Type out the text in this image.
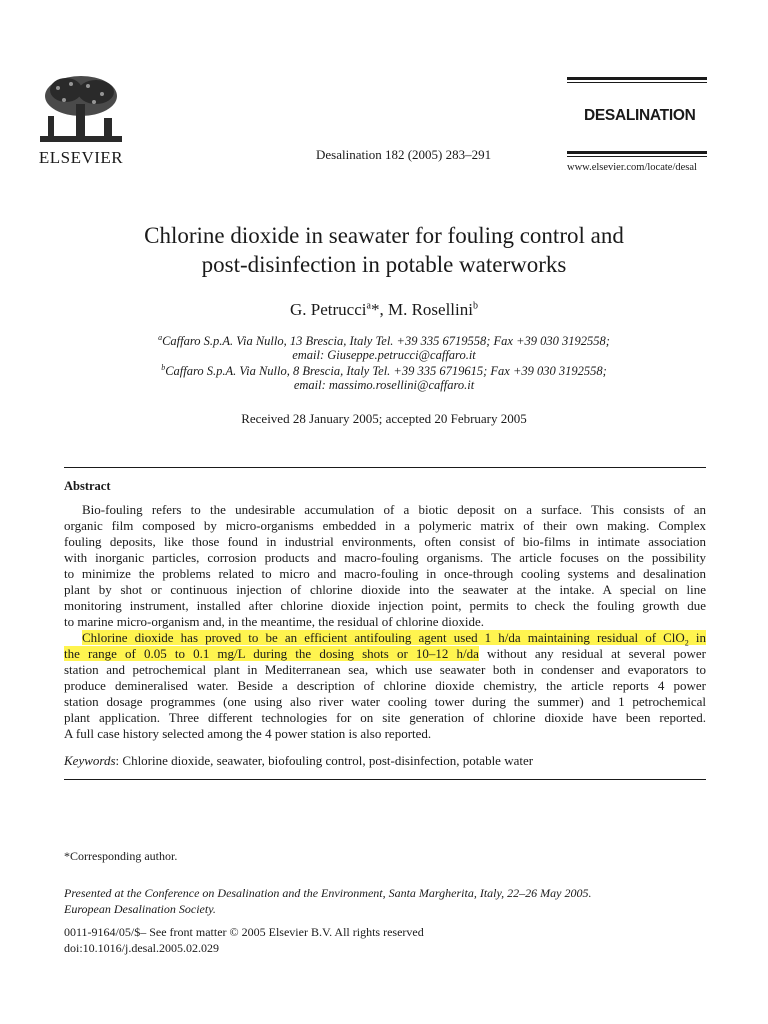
ELSEVIER	Desalination 182 (2005) 283–291
DESALINATION
www.elsevier.com/locate/desal
Chlorine dioxide in seawater for fouling control and
post-disinfection in potable waterworks
G. Petrucci$^a$*, M. Rosellini$^b$
$^a$Caffaro S.p.A. Via Nullo, 13 Brescia, Italy Tel. +39 335 6719558; Fax +39 030 3192558;
email: Giuseppe.petrucci@caffaro.it
$^b$Caffaro S.p.A. Via Nullo, 8 Brescia, Italy Tel. +39 335 6719615; Fax +39 030 3192558;
email: massimo.rosellini@caffaro.it
Received 28 January 2005; accepted 20 February 2005
Abstract
Bio-fouling refers to the undesirable accumulation of a biotic deposit on a surface. This consists of an
organic film composed by micro-organisms embedded in a polymeric matrix of their own making. Complex
fouling deposits, like those found in industrial environments, often consist of bio-films in intimate association
with inorganic particles, corrosion products and macro-fouling organisms. The article focuses on the possibility
to minimize the problems related to micro and macro-fouling in once-through cooling systems and desalination
plant by shot or continuous injection of chlorine dioxide into the seawater at the intake. A special on line
monitoring instrument, installed after chlorine dioxide injection point, permits to check the fouling growth due
to marine micro-organism and, in the meantime, the residual of chlorine dioxide.
Chlorine dioxide has proved to be an efficient antifouling agent used 1 h/da maintaining residual of ClO$_2$ in
the range of 0.05 to 0.1 mg/L during the dosing shots or 10–12 h/da without any residual at several power
station and petrochemical plant in Mediterranean sea, which use seawater both in condenser and evaporators to
produce demineralised water. Beside a description of chlorine dioxide chemistry, the article reports 4 power
station dosage programmes (one using also river water cooling tower during the summer) and 1 petrochemical
plant application. Three different technologies for on site generation of chlorine dioxide have been reported.
A full case history selected among the 4 power station is also reported.
Keywords: Chlorine dioxide, seawater, biofouling control, post-disinfection, potable water
*Corresponding author.
Presented at the Conference on Desalination and the Environment, Santa Margherita, Italy, 22–26 May 2005.
European Desalination Society.
0011-9164/05/$– See front matter © 2005 Elsevier B.V. All rights reserved
doi:10.1016/j.desal.2005.02.029
